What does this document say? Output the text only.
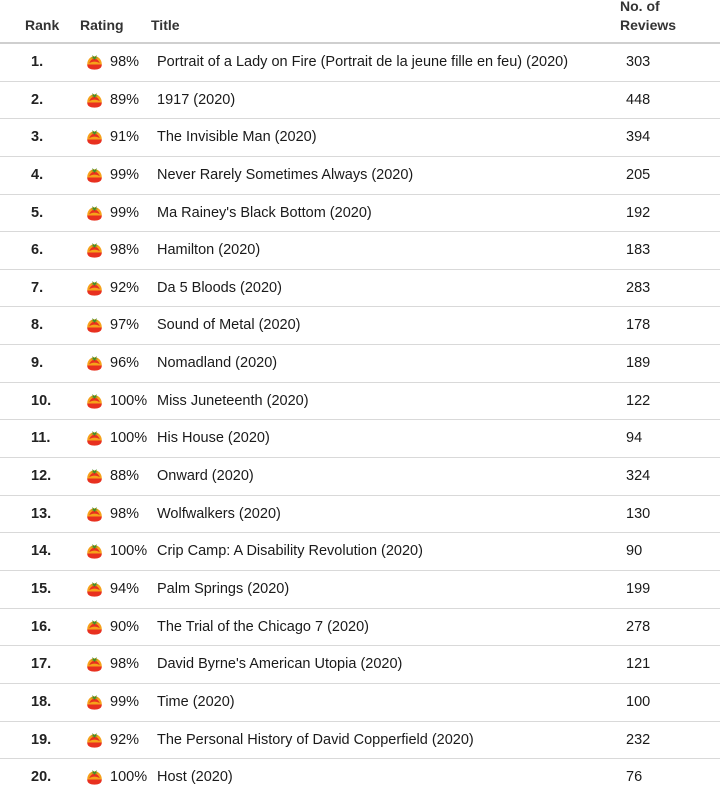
Rank Rating Title
No. of
Reviews
1.	98% Portrait of a Lady on Fire (Portrait de la jeune fille en feu) (2020)	303
2.	89% 1917 (2020)	448
3.	91% The Invisible Man (2020)	394
4.	99% Never Rarely Sometimes Always (2020)	205
5.	99% Ma Rainey's Black Bottom (2020)	192
6.	98% Hamilton (2020)	183
7.	92% Da 5 Bloods (2020)	283
8.	97% Sound of Metal (2020)	178
9.	96% Nomadland (2020)	189
10.	100% Miss Juneteenth (2020)	122
11.	100% His House (2020)	94
12.	88% Onward (2020)	324
13.	98% Wolfwalkers (2020)	130
14.	100% Crip Camp: A Disability Revolution (2020)	90
15.	94% Palm Springs (2020)	199
16.	90% The Trial of the Chicago 7 (2020)	278
17.	98% David Byrne's American Utopia (2020)	121
18.	99% Time (2020)	100
19.	92% The Personal History of David Copperfield (2020)	232
20.	100% Host (2020)	76
